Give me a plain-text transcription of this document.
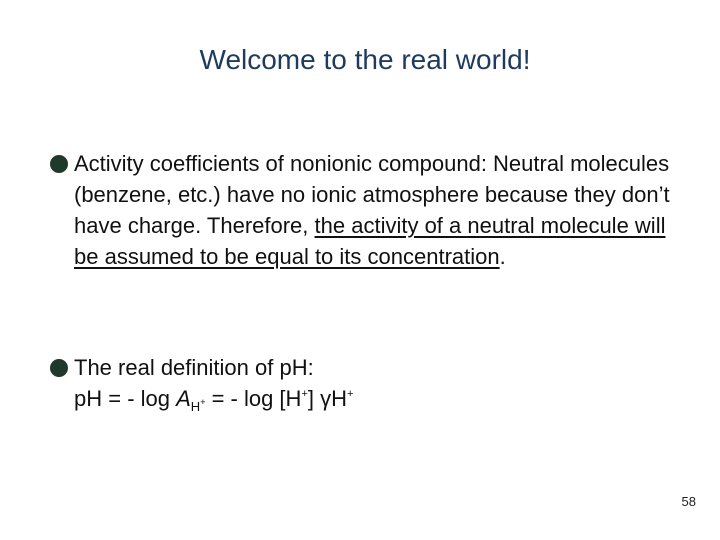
Welcome to the real world!
Activity coefficients of nonionic compound: Neutral molecules (benzene, etc.) have no ionic atmosphere because they don’t have charge. Therefore, the activity of a neutral molecule will be assumed to be equal to its concentration.
The real definition of pH:
pH = - $\log A_{H^+}$ = - log [H+] γH+
58
